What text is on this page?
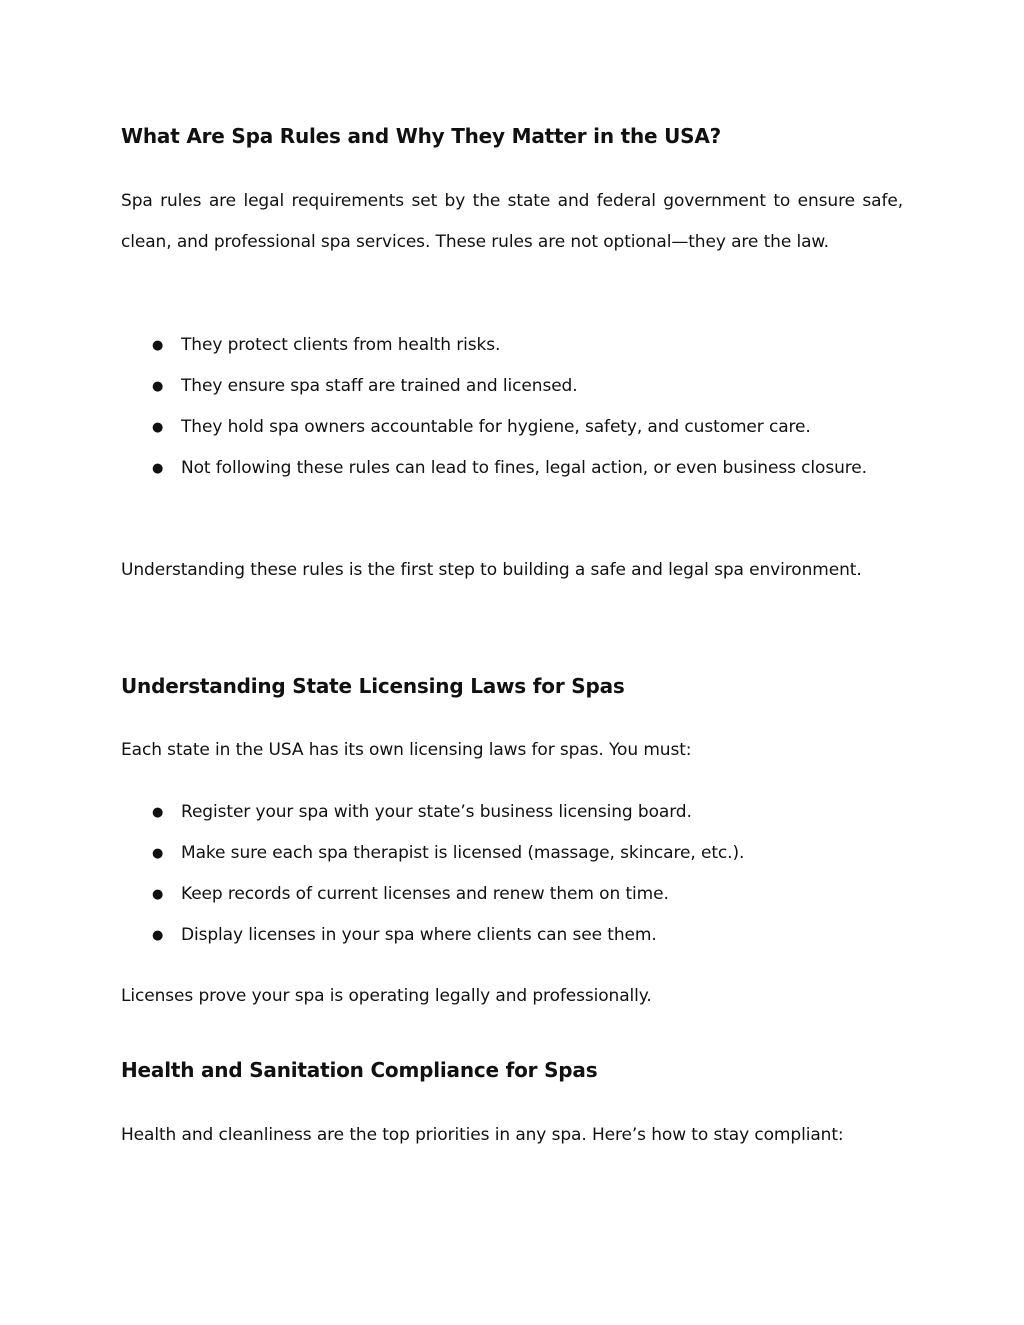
What Are Spa Rules and Why They Matter in the USA?

Spa rules are legal requirements set by the state and federal government to ensure safe, clean, and professional spa services. These rules are not optional—they are the law.

● They protect clients from health risks.
● They ensure spa staff are trained and licensed.
● They hold spa owners accountable for hygiene, safety, and customer care.
● Not following these rules can lead to fines, legal action, or even business closure.

Understanding these rules is the first step to building a safe and legal spa environment.

Understanding State Licensing Laws for Spas

Each state in the USA has its own licensing laws for spas. You must:

● Register your spa with your state’s business licensing board.
● Make sure each spa therapist is licensed (massage, skincare, etc.).
● Keep records of current licenses and renew them on time.
● Display licenses in your spa where clients can see them.

Licenses prove your spa is operating legally and professionally.

Health and Sanitation Compliance for Spas

Health and cleanliness are the top priorities in any spa. Here’s how to stay compliant:
